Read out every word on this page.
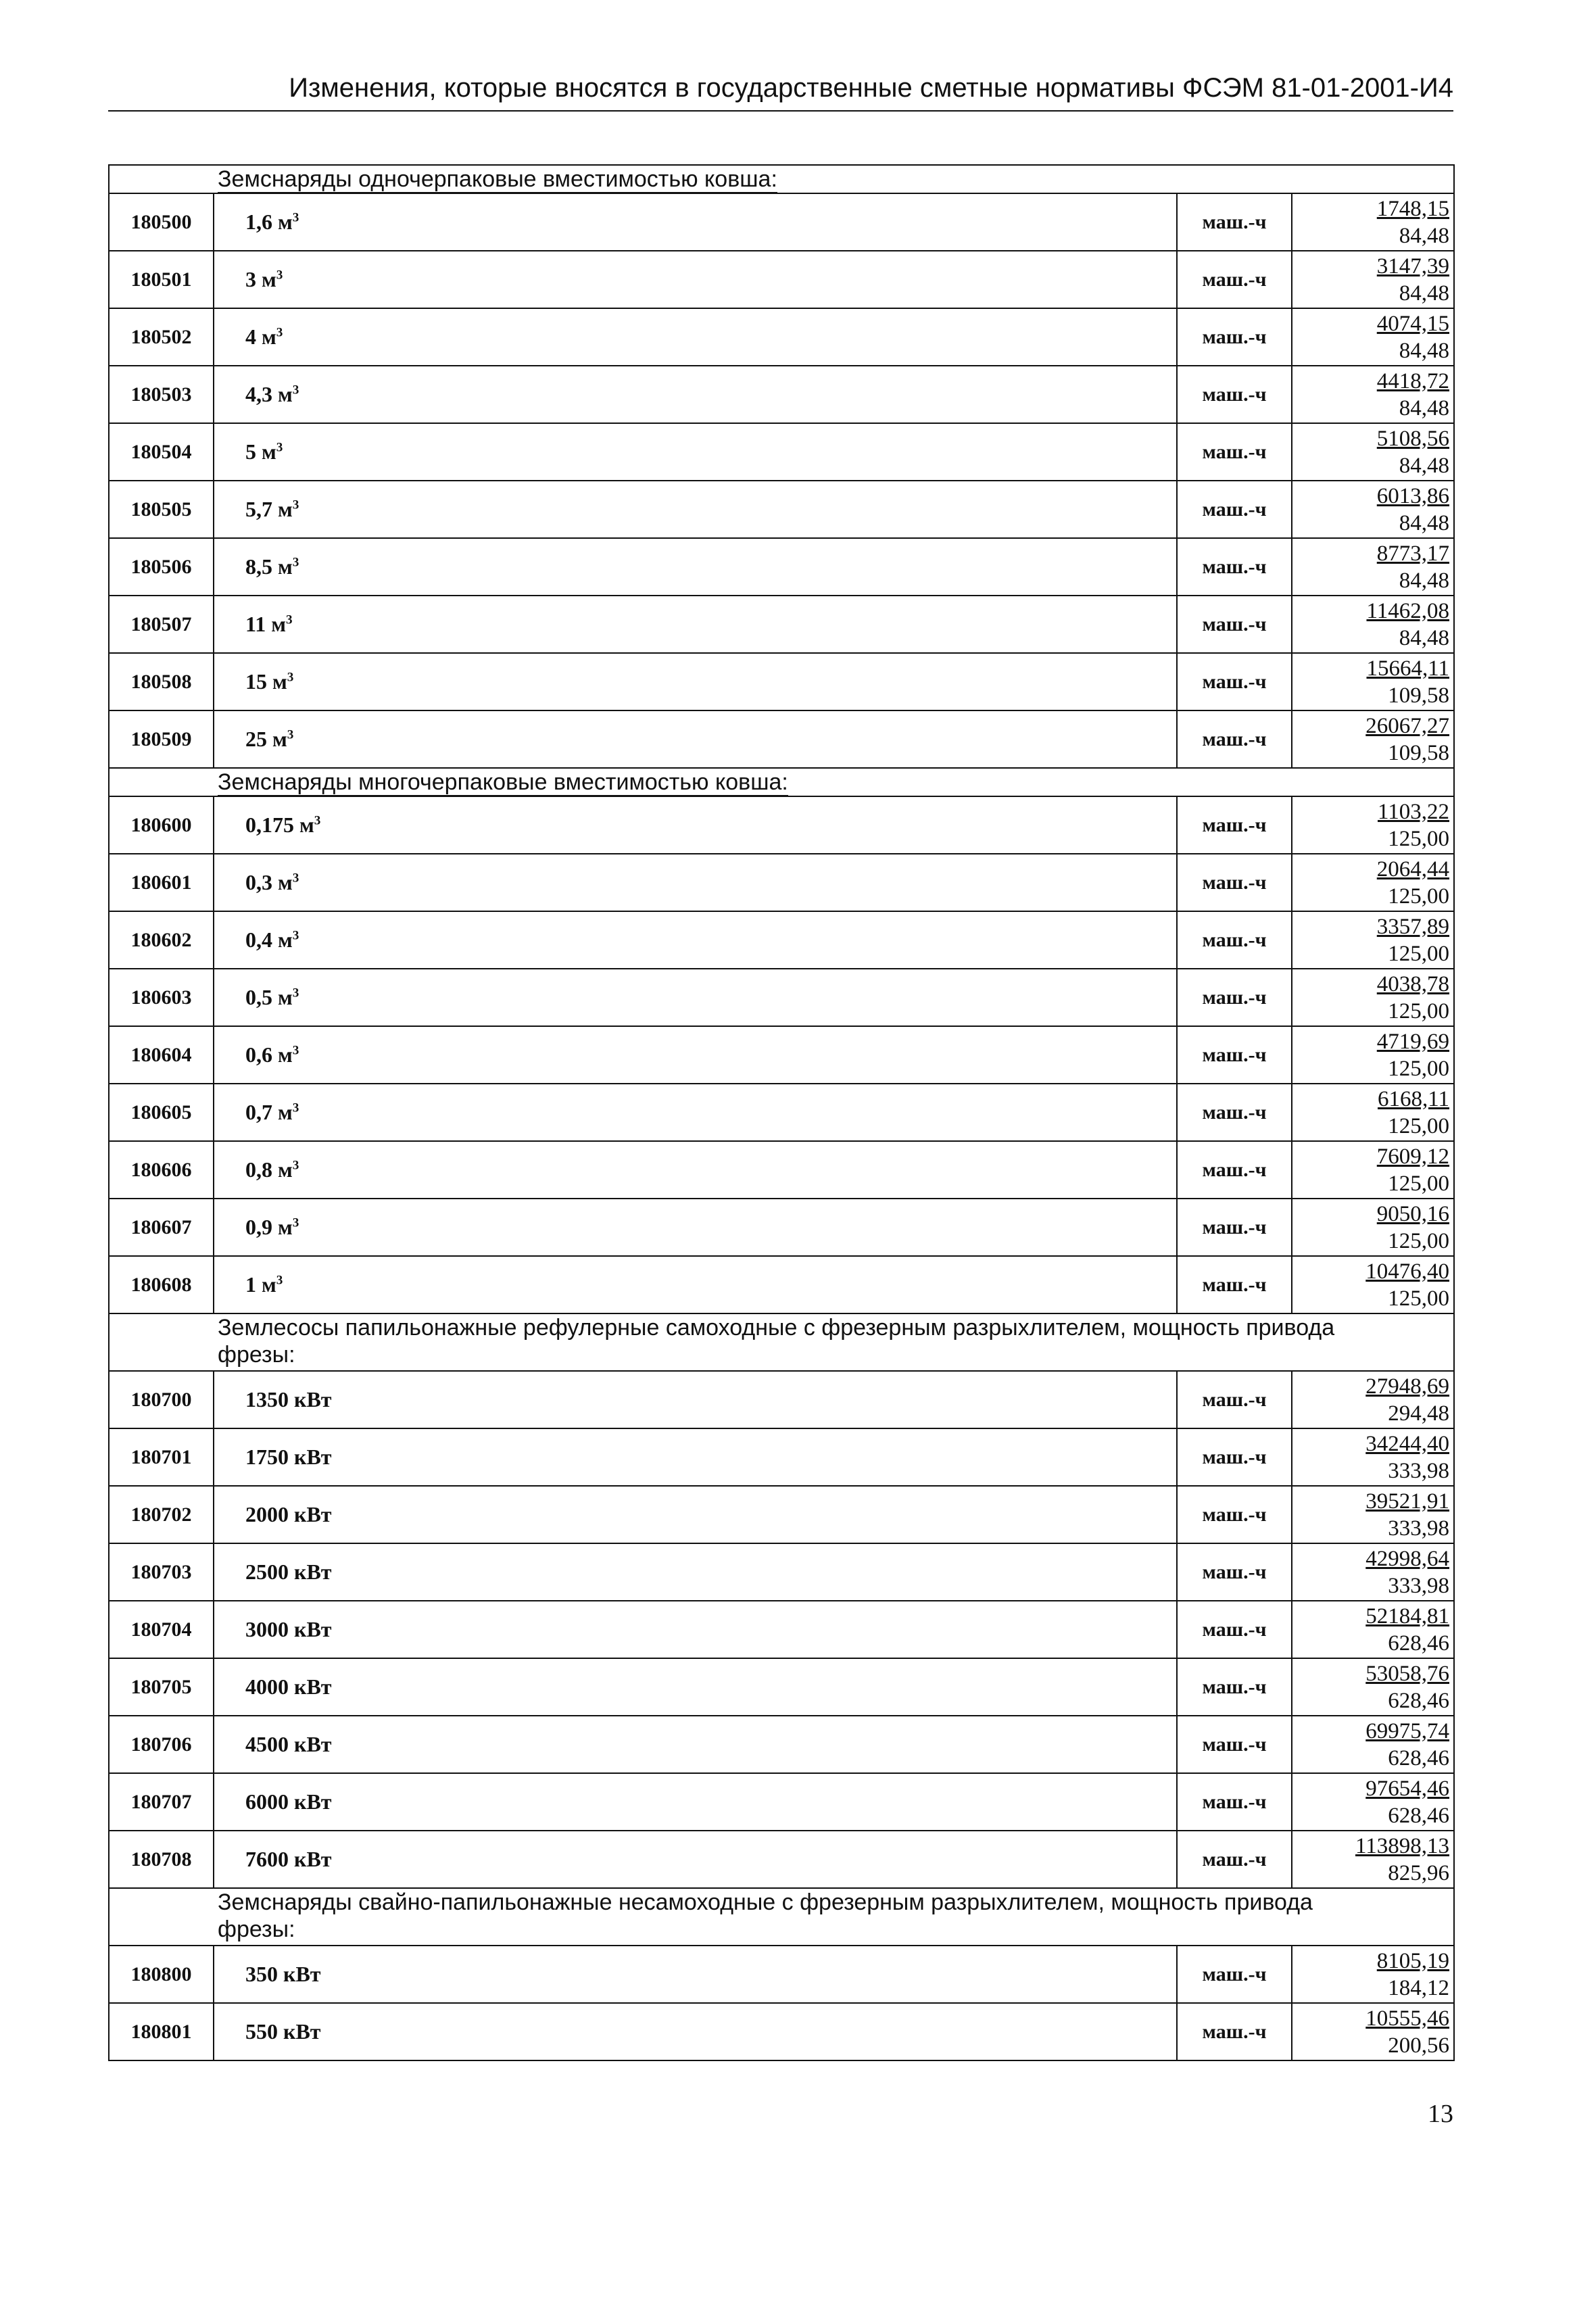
Изменения, которые вносятся в государственные сметные нормативы ФСЭМ 81-01-2001-И4
Земснаряды одночерпаковые вместимостью ковша:			
180500	1,6 $м^3$	маш.-ч	1748,15
84,48

180501	3 $м^3$	маш.-ч	3147,39
84,48

180502	4 $м^3$	маш.-ч	4074,15
84,48

180503	4,3 $м^3$	маш.-ч	4418,72
84,48

180504	5 $м^3$	маш.-ч	5108,56
84,48

180505	5,7 $м^3$	маш.-ч	6013,86
84,48

180506	8,5 $м^3$	маш.-ч	8773,17
84,48

180507	11 $м^3$	маш.-ч	11462,08
84,48

180508	15 $м^3$	маш.-ч	15664,11
109,58

180509	25 $м^3$	маш.-ч	26067,27
109,58

Земснаряды многочерпаковые вместимостью ковша:			
180600	0,175 $м^3$	маш.-ч	1103,22
125,00

180601	0,3 $м^3$	маш.-ч	2064,44
125,00

180602	0,4 $м^3$	маш.-ч	3357,89
125,00

180603	0,5 $м^3$	маш.-ч	4038,78
125,00

180604	0,6 $м^3$	маш.-ч	4719,69
125,00

180605	0,7 $м^3$	маш.-ч	6168,11
125,00

180606	0,8 $м^3$	маш.-ч	7609,12
125,00

180607	0,9 $м^3$	маш.-ч	9050,16
125,00

180608	1 $м^3$	маш.-ч	10476,40
125,00

Землесосы папильонажные рефулерные самоходные с фрезерным разрыхлителем, мощность привода
фрезы:			

180700	1350 кВт	маш.-ч	27948,69
294,48

180701	1750 кВт	маш.-ч	34244,40
333,98

180702	2000 кВт	маш.-ч	39521,91
333,98

180703	2500 кВт	маш.-ч	42998,64
333,98

180704	3000 кВт	маш.-ч	52184,81
628,46

180705	4000 кВт	маш.-ч	53058,76
628,46

180706	4500 кВт	маш.-ч	69975,74
628,46

180707	6000 кВт	маш.-ч	97654,46
628,46

180708	7600 кВт	маш.-ч	113898,13
825,96

Земснаряды свайно-папильонажные несамоходные с фрезерным разрыхлителем, мощность привода
фрезы:			

180800	350 кВт	маш.-ч	8105,19
184,12

180801	550 кВт	маш.-ч	10555,46
200,56
13
